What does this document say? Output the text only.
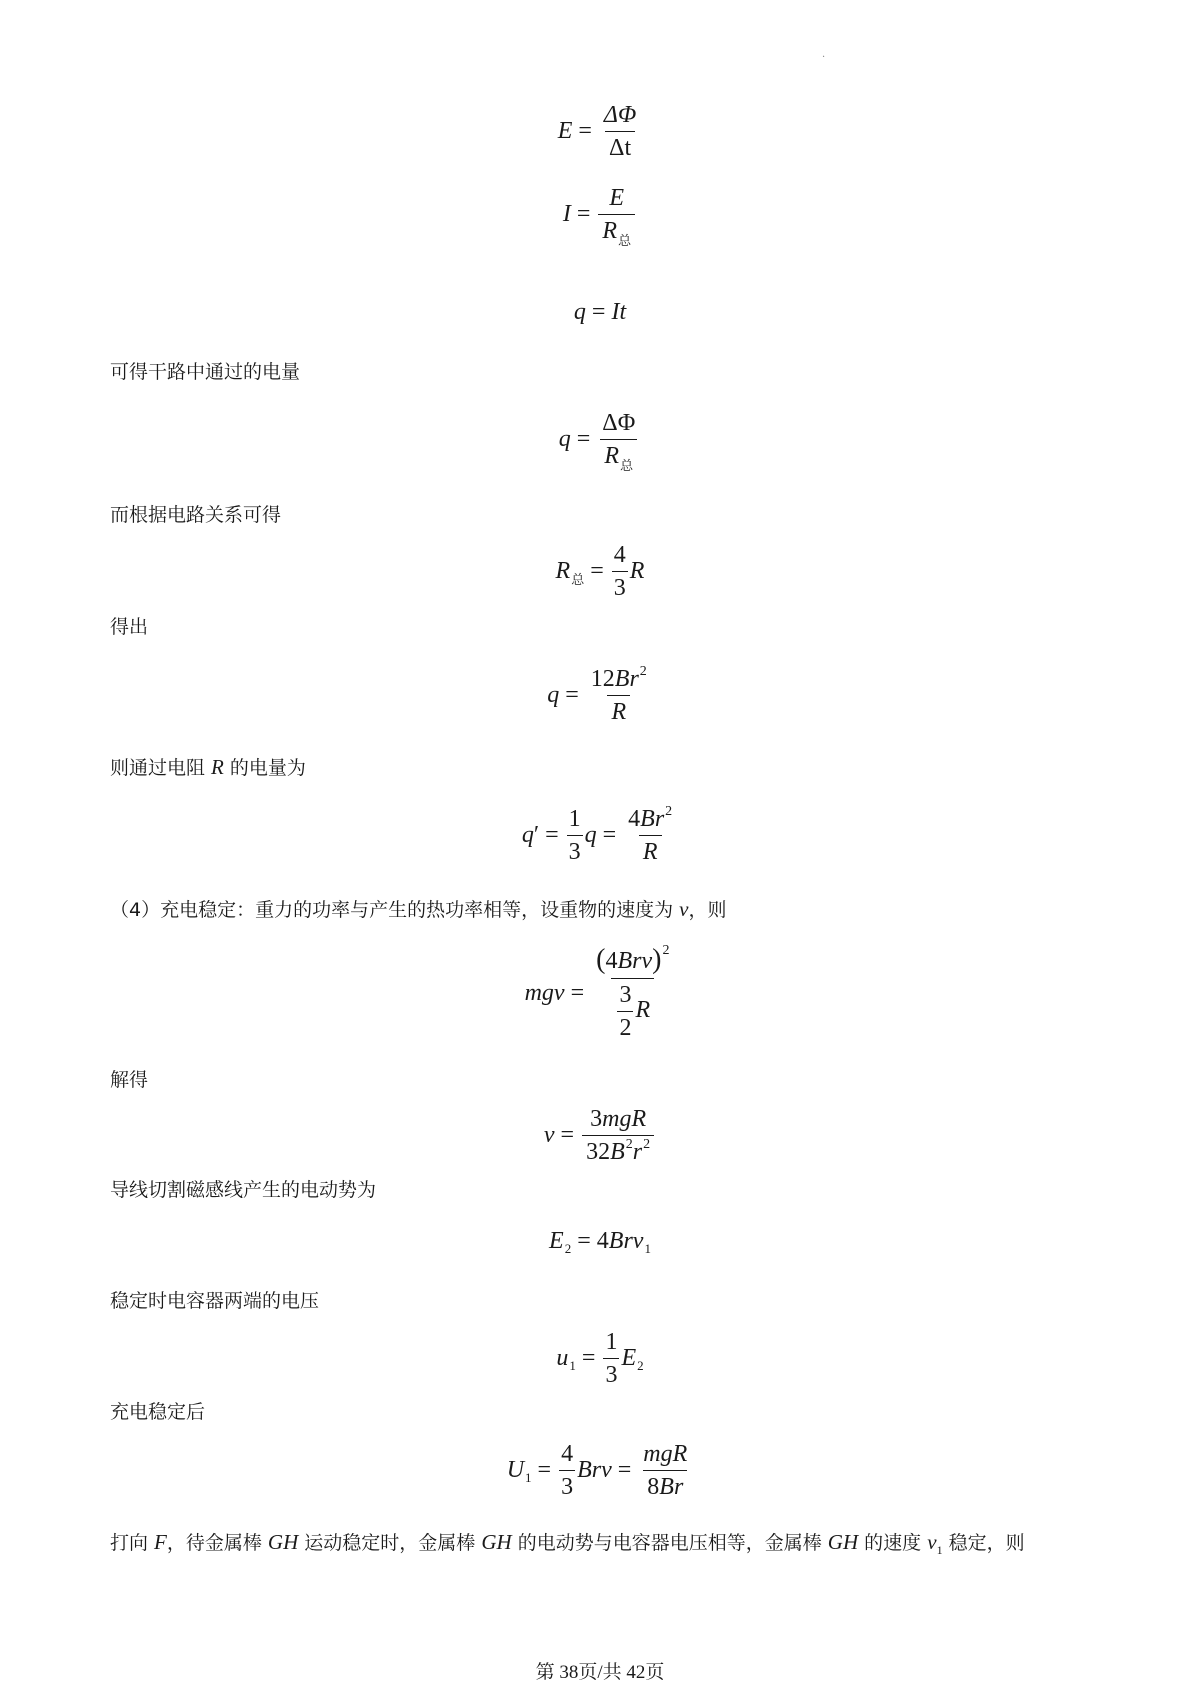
·
$E = \frac{\Delta\Phi}{\Delta t}$
$I = \frac{E}{R_总}$
q = I t
可得干路中通过的电量
$q = \frac{\Delta\Phi}{R_总}$
而根据电路关系可得
R 总 = $\frac{4}{3}$ R
得出
$q = \frac{12Br^2}{R}$
则通过电阻 R 的电量为
q ′ = $\frac{1}{3}$ $q = \frac{4Br^2}{R}$
（4）充电稳定：重力的功率与产生的热功率相等，设重物的速度为 v，则
m g $v = \frac{(4Brv)^2}{\frac{3}{2} R}$
解得
$v = \frac{\text{3mgR}}{32B^2r^2}$
导线切割磁感线产生的电动势为
E 2 = 4 B r v 1
稳定时电容器两端的电压
u $1 = \frac{1}{3}$ E 2
充电稳定后
U $1 = \frac{4}{3}$ B r $v = \frac{\text{mgR}}{8Br}$
打向 F，待金属棒 GH 运动稳定时，金属棒 GH 的电动势与电容器电压相等，金属棒 GH 的速度 $v_1$ 稳定，则
第 38页/共 42页
